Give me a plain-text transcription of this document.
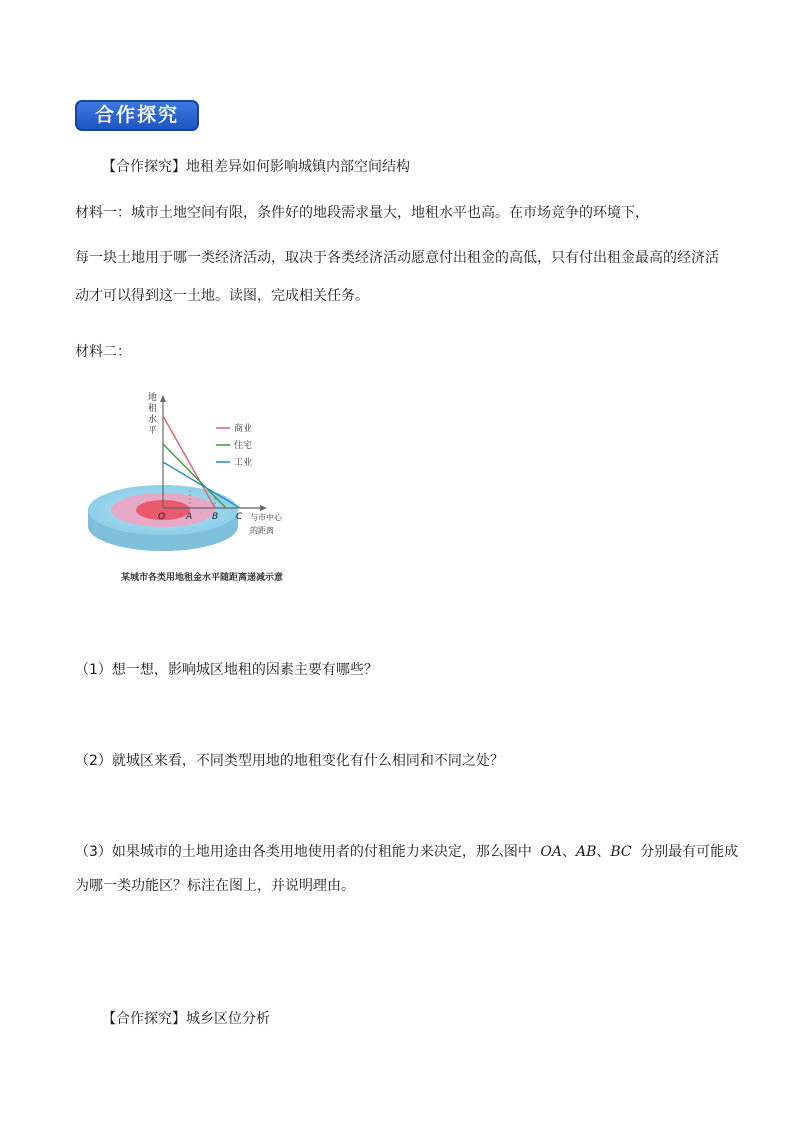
合作探究
【合作探究】地租差异如何影响城镇内部空间结构
材料一：城市土地空间有限，条件好的地段需求量大，地租水平也高。在市场竞争的环境下，
每一块土地用于哪一类经济活动，取决于各类经济活动愿意付出租金的高低，只有付出租金最高的经济活
动才可以得到这一土地。读图，完成相关任务。
材料二：
地
租
水
平	商业
住宅
工业
O A B C 与市中心
的距离
某城市各类用地租金水平随距离递减示意
（1）想一想，影响城区地租的因素主要有哪些？
（2）就城区来看，不同类型用地的地租变化有什么相同和不同之处？
（3）如果城市的土地用途由各类用地使用者的付租能力来决定，那么图中 OA、AB、BC 分别最有可能成
为哪一类功能区？标注在图上，并说明理由。
【合作探究】城乡区位分析
